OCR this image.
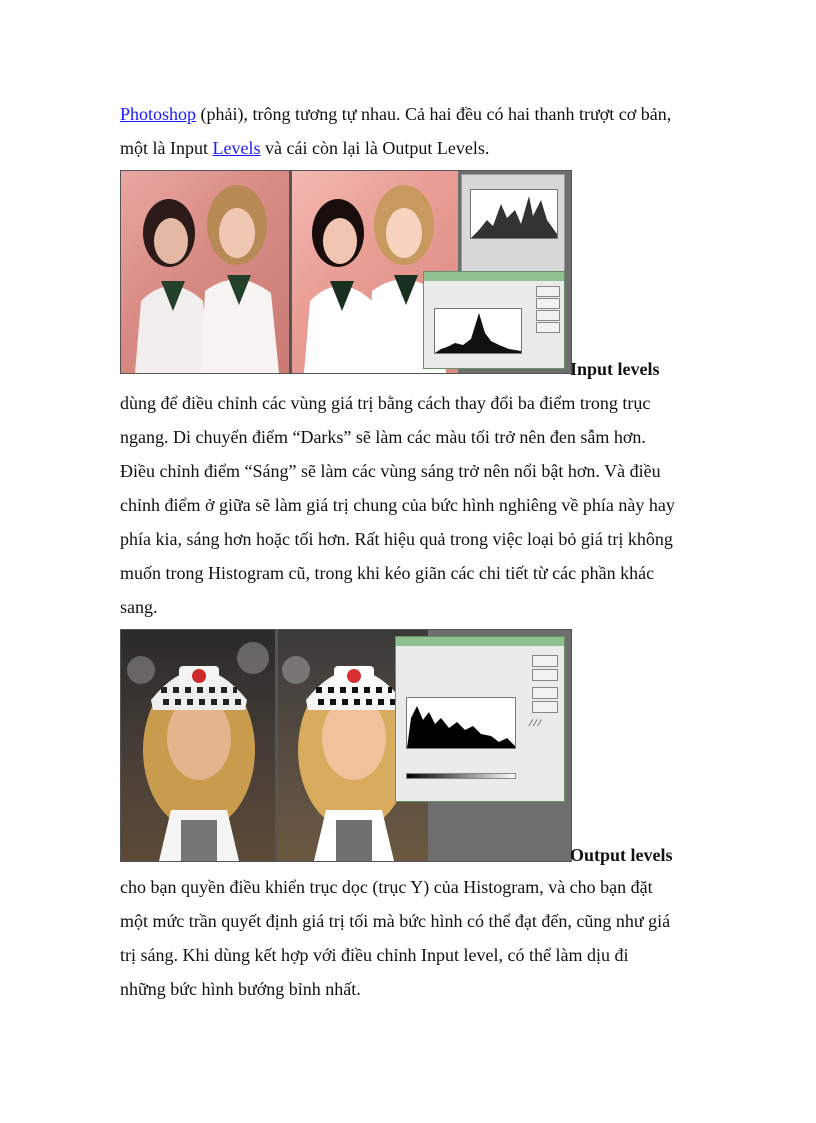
Photoshop (phải), trông tương tự nhau. Cả hai đều có hai thanh trượt cơ bản,
một là Input Levels và cái còn lại là Output Levels.
Input levels
dùng để điều chỉnh các vùng giá trị bằng cách thay đổi ba điểm trong trục
ngang. Di chuyển điểm “Darks” sẽ làm các màu tối trở nên đen sẫm hơn.
Điều chỉnh điểm “Sáng” sẽ làm các vùng sáng trở nên nổi bật hơn. Và điều
chỉnh điểm ở giữa sẽ làm giá trị chung của bức hình nghiêng về phía này hay
phía kia, sáng hơn hoặc tối hơn. Rất hiệu quả trong việc loại bỏ giá trị không
muốn trong Histogram cũ, trong khi kéo giãn các chi tiết từ các phần khác
sang.
⁄ ⁄ ⁄
Output levels
cho bạn quyền điều khiển trục dọc (trục Y) của Histogram, và cho bạn đặt
một mức trần quyết định giá trị tối mà bức hình có thể đạt đến, cũng như giá
trị sáng. Khi dùng kết hợp với điều chỉnh Input level, có thể làm dịu đi
những bức hình bướng bỉnh nhất.
